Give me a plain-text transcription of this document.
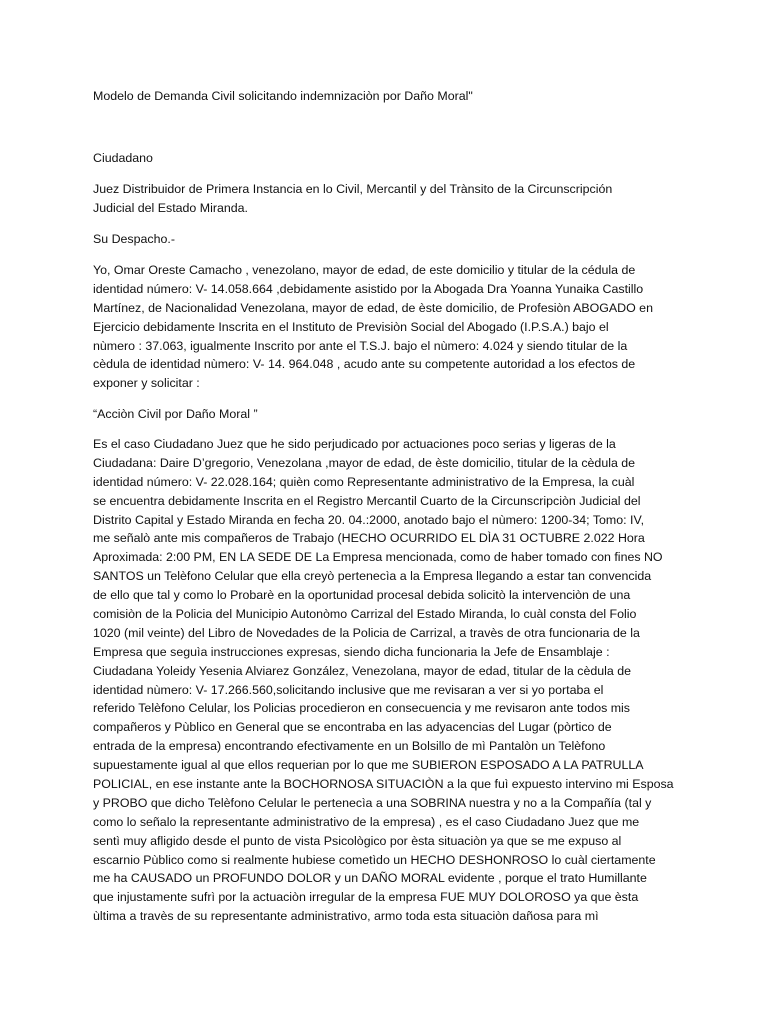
Modelo de Demanda Civil solicitando indemnizaciòn por Daño Moral"

Ciudadano

Juez Distribuidor de Primera Instancia en lo Civil, Mercantil y del Trànsito de la Circunscripción
Judicial del Estado Miranda.

Su Despacho.-

Yo, Omar Oreste Camacho , venezolano, mayor de edad, de este domicilio y titular de la cédula de
identidad número: V- 14.058.664 ,debidamente asistido por la Abogada Dra Yoanna Yunaika Castillo
Martínez, de Nacionalidad Venezolana, mayor de edad, de èste domicilio, de Profesiòn ABOGADO en
Ejercicio debidamente Inscrita en el Instituto de Previsiòn Social del Abogado (I.P.S.A.) bajo el
nùmero : 37.063, igualmente Inscrito por ante el T.S.J. bajo el nùmero: 4.024 y siendo titular de la
cèdula de identidad nùmero: V- 14. 964.048 , acudo ante su competente autoridad a los efectos de
exponer y solicitar :

“Acciòn Civil por Daño Moral ”

Es el caso Ciudadano Juez que he sido perjudicado por actuaciones poco serias y ligeras de la
Ciudadana: Daire D’gregorio, Venezolana ,mayor de edad, de èste domicilio, titular de la cèdula de
identidad número: V- 22.028.164; quièn como Representante administrativo de la Empresa, la cuàl
se encuentra debidamente Inscrita en el Registro Mercantil Cuarto de la Circunscripciòn Judicial del
Distrito Capital y Estado Miranda en fecha 20. 04.:2000, anotado bajo el nùmero: 1200-34; Tomo: IV,
me señalò ante mis compañeros de Trabajo (HECHO OCURRIDO EL DÌA 31 OCTUBRE 2.022 Hora
Aproximada: 2:00 PM, EN LA SEDE DE La Empresa mencionada, como de haber tomado con fines NO
SANTOS un Telèfono Celular que ella creyò pertenecìa a la Empresa llegando a estar tan convencida
de ello que tal y como lo Probarè en la oportunidad procesal debida solicitò la intervenciòn de una
comisiòn de la Policia del Municipio Autonòmo Carrizal del Estado Miranda, lo cuàl consta del Folio
1020 (mil veinte) del Libro de Novedades de la Policia de Carrizal, a travès de otra funcionaria de la
Empresa que seguìa instrucciones expresas, siendo dicha funcionaria la Jefe de Ensamblaje :
Ciudadana Yoleidy Yesenia Alviarez González, Venezolana, mayor de edad, titular de la cèdula de
identidad nùmero: V- 17.266.560,solicitando inclusive que me revisaran a ver si yo portaba el
referido Telèfono Celular, los Policias procedieron en consecuencia y me revisaron ante todos mis
compañeros y Pùblico en General que se encontraba en las adyacencias del Lugar (pòrtico de
entrada de la empresa) encontrando efectivamente en un Bolsillo de mì Pantalòn un Telèfono
supuestamente igual al que ellos requerian por lo que me SUBIERON ESPOSADO A LA PATRULLA
POLICIAL, en ese instante ante la BOCHORNOSA SITUACIÒN a la que fuì expuesto intervino mi Esposa
y PROBO que dicho Telèfono Celular le pertenecìa a una SOBRINA nuestra y no a la Compañía (tal y
como lo señalo la representante administrativo de la empresa) , es el caso Ciudadano Juez que me
sentì muy afligido desde el punto de vista Psicològico por èsta situaciòn ya que se me expuso al
escarnio Pùblico como si realmente hubiese cometìdo un HECHO DESHONROSO lo cuàl ciertamente
me ha CAUSADO un PROFUNDO DOLOR y un DAÑO MORAL evidente , porque el trato Humillante
que injustamente sufrì por la actuaciòn irregular de la empresa FUE MUY DOLOROSO ya que èsta
ùltima a travès de su representante administrativo, armo toda esta situaciòn dañosa para mì
